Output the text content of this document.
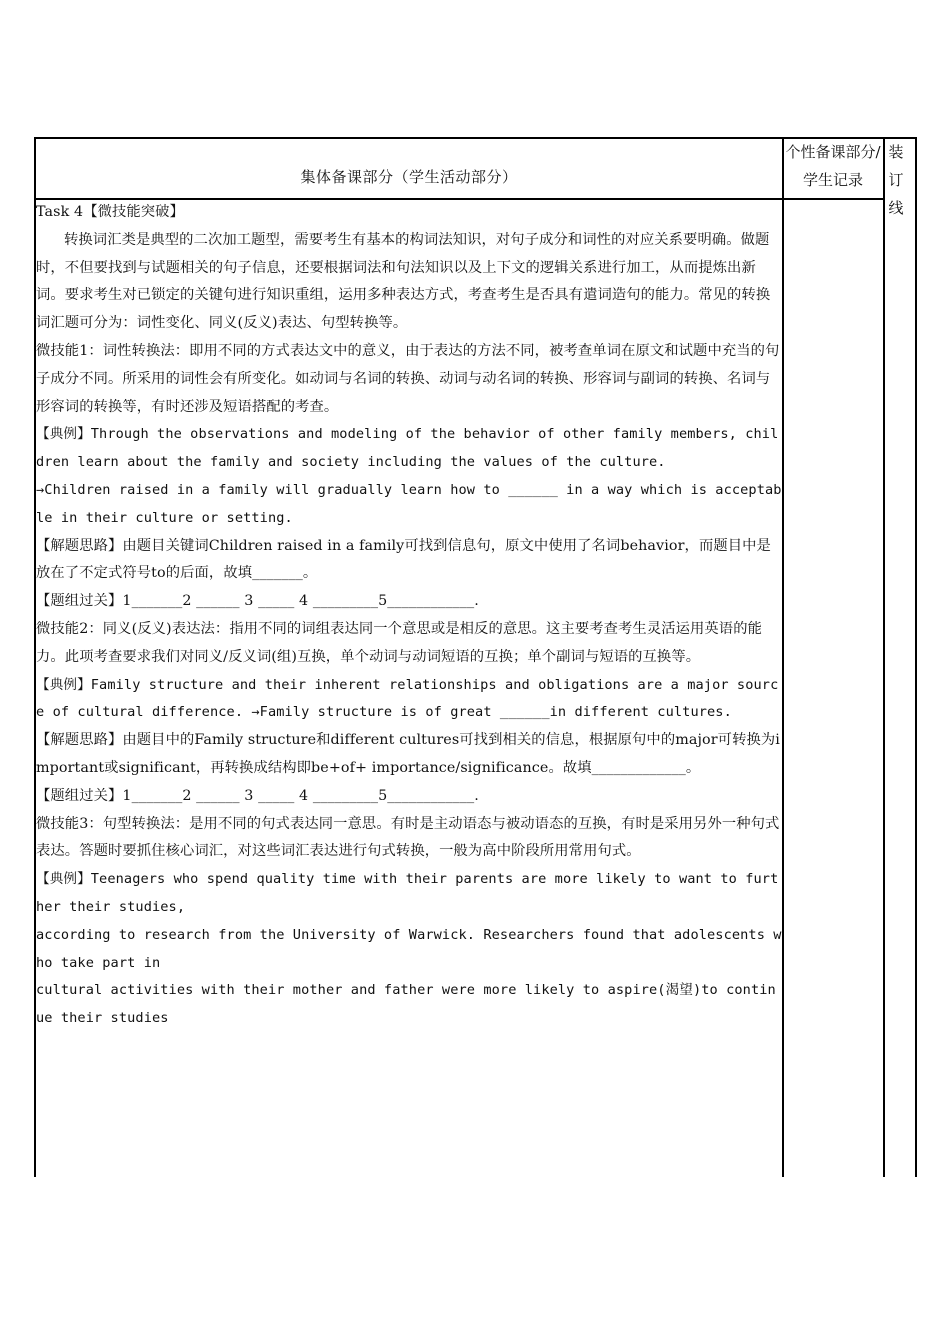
集体备课部分（学生活动部分）
个性备课部分/学生记录
装订线

Task 4【微技能突破】

转换词汇类是典型的二次加工题型，需要考生有基本的构词法知识，对句子成分和词性的对应关系要明确。做题时，不但要找到与试题相关的句子信息，还要根据词法和句法知识以及上下文的逻辑关系进行加工，从而提炼出新词。要求考生对已锁定的关键句进行知识重组，运用多种表达方式，考查考生是否具有遣词造句的能力。常见的转换词汇题可分为：词性变化、同义(反义)表达、句型转换等。

微技能1：词性转换法：即用不同的方式表达文中的意义，由于表达的方法不同，被考查单词在原文和试题中充当的句子成分不同。所采用的词性会有所变化。如动词与名词的转换、动词与动名词的转换、形容词与副词的转换、名词与形容词的转换等，有时还涉及短语搭配的考查。

【典例】Through the observations and modeling of the behavior of other family members, children learn about the family and society including the values of the culture.

→Children raised in a family will gradually learn how to ______ in a way which is acceptable in their culture or setting.

【解题思路】由题目关键词Children raised in a family可找到信息句，原文中使用了名词behavior，而题目中是放在了不定式符号to的后面，故填_______。

【题组过关】1_______2 ______ 3 _____ 4 _________5____________.

微技能2：同义(反义)表达法：指用不同的词组表达同一个意思或是相反的意思。这主要考查考生灵活运用英语的能力。此项考查要求我们对同义/反义词(组)互换，单个动词与动词短语的互换；单个副词与短语的互换等。

【典例】Family structure and their inherent relationships and obligations are a major source of cultural difference. →Family structure is of great ______in different cultures.

【解题思路】由题目中的Family structure和different cultures可找到相关的信息，根据原句中的major可转换为important或significant，再转换成结构即be+of+ importance/significance。故填_____________。

【题组过关】1_______2 ______ 3 _____ 4 _________5____________.

微技能3：句型转换法：是用不同的句式表达同一意思。有时是主动语态与被动语态的互换，有时是采用另外一种句式表达。答题时要抓住核心词汇，对这些词汇表达进行句式转换，一般为高中阶段所用常用句式。

【典例】Teenagers who spend quality time with their parents are more likely to want to further their studies,

according to research from the University of Warwick. Researchers found that adolescents who take part in

cultural activities with their mother and father were more likely to aspire(渴望)to continue their studies
